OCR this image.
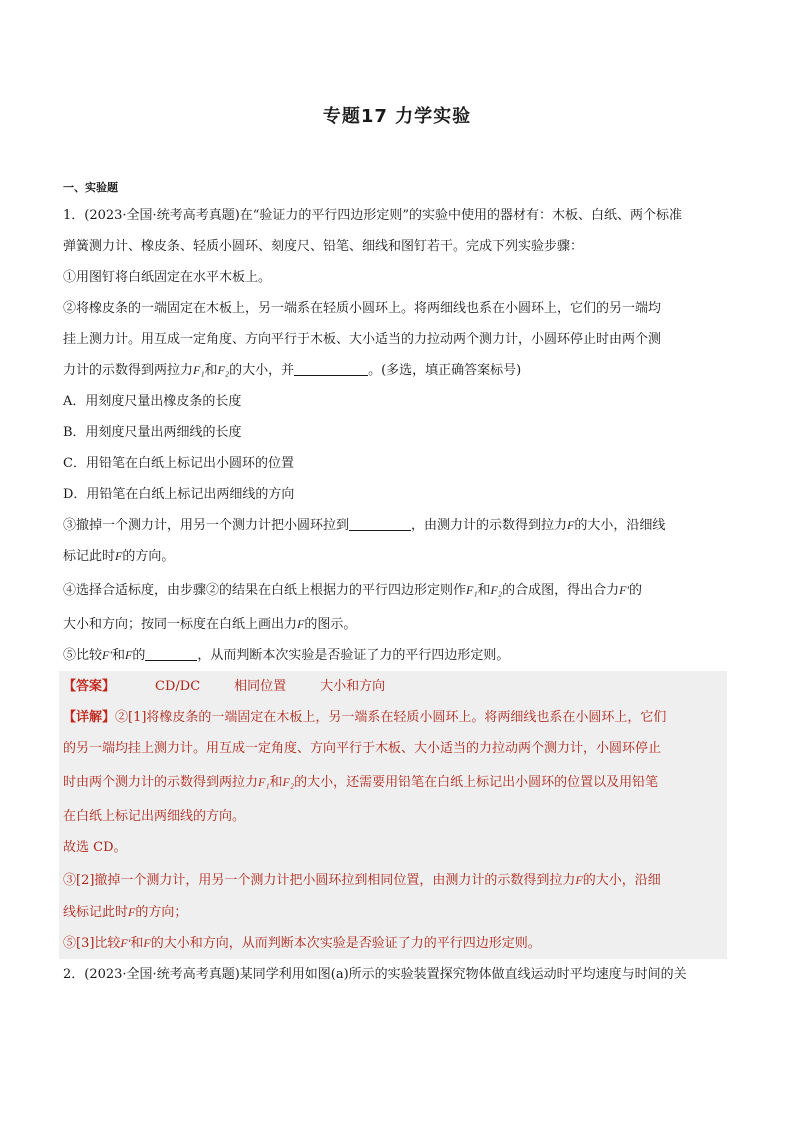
专题17 力学实验
一、实验题
1．(2023·全国·统考高考真题)在“验证力的平行四边形定则”的实验中使用的器材有：木板、白纸、两个标准
弹簧测力计、橡皮条、轻质小圆环、刻度尺、铅笔、细线和图钉若干。完成下列实验步骤：
①用图钉将白纸固定在水平木板上。
②将橡皮条的一端固定在木板上，另一端系在轻质小圆环上。将两细线也系在小圆环上，它们的另一端均
挂上测力计。用互成一定角度、方向平行于木板、大小适当的力拉动两个测力计，小圆环停止时由两个测
力计的示数得到两拉力F₁和F₂的大小，并	。(多选，填正确答案标号)
A．用刻度尺量出橡皮条的长度
B．用刻度尺量出两细线的长度
C．用铅笔在白纸上标记出小圆环的位置
D．用铅笔在白纸上标记出两细线的方向
③撤掉一个测力计，用另一个测力计把小圆环拉到	，由测力计的示数得到拉力F的大小，沿细线
标记此时F的方向。
④选择合适标度，由步骤②的结果在白纸上根据力的平行四边形定则作F₁和F₂的合成图，得出合力F′的
大小和方向；按同一标度在白纸上画出力F的图示。
⑤比较F′和F的	，从而判断本次实验是否验证了力的平行四边形定则。
【答案】	CD/DC	相同位置	大小和方向
【详解】②[1]将橡皮条的一端固定在木板上，另一端系在轻质小圆环上。将两细线也系在小圆环上，它们
的另一端均挂上测力计。用互成一定角度、方向平行于木板、大小适当的力拉动两个测力计，小圆环停止
时由两个测力计的示数得到两拉力F₁和F₂的大小，还需要用铅笔在白纸上标记出小圆环的位置以及用铅笔
在白纸上标记出两细线的方向。
故选 CD。
③[2]撤掉一个测力计，用另一个测力计把小圆环拉到相同位置，由测力计的示数得到拉力F的大小，沿细
线标记此时F的方向；
⑤[3]比较F′和F的大小和方向，从而判断本次实验是否验证了力的平行四边形定则。
2．(2023·全国·统考高考真题)某同学利用如图(a)所示的实验装置探究物体做直线运动时平均速度与时间的关
